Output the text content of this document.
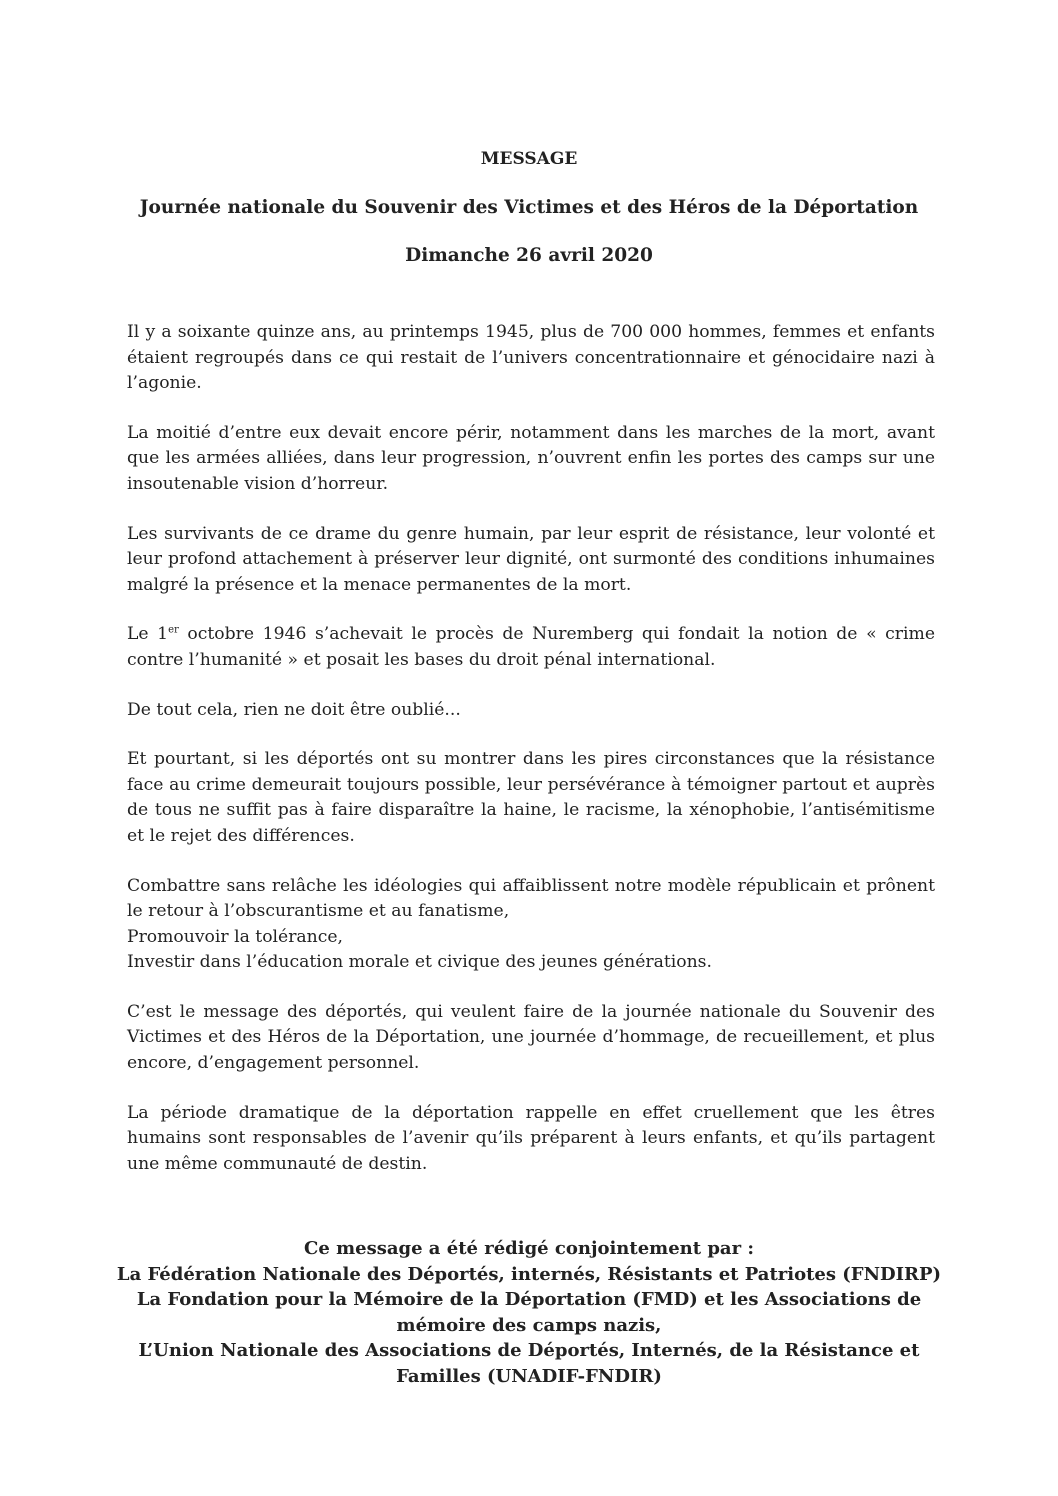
MESSAGE
Journée nationale du Souvenir des Victimes et des Héros de la Déportation
Dimanche 26 avril 2020

Il y a soixante quinze ans, au printemps 1945, plus de 700 000 hommes, femmes et enfants étaient regroupés dans ce qui restait de l’univers concentrationnaire et génocidaire nazi à l’agonie.

La moitié d’entre eux devait encore périr, notamment dans les marches de la mort, avant que les armées alliées, dans leur progression, n’ouvrent enfin les portes des camps sur une insoutenable vision d’horreur.

Les survivants de ce drame du genre humain, par leur esprit de résistance, leur volonté et leur profond attachement à préserver leur dignité, ont surmonté des conditions inhumaines malgré la présence et la menace permanentes de la mort.

Le 1er octobre 1946 s’achevait le procès de Nuremberg qui fondait la notion de « crime contre l’humanité » et posait les bases du droit pénal international.

De tout cela, rien ne doit être oublié...

Et pourtant, si les déportés ont su montrer dans les pires circonstances que la résistance face au crime demeurait toujours possible, leur persévérance à témoigner partout et auprès de tous ne suffit pas à faire disparaître la haine, le racisme, la xénophobie, l’antisémitisme et le rejet des différences.

Combattre sans relâche les idéologies qui affaiblissent notre modèle républicain et prônent le retour à l’obscurantisme et au fanatisme,
Promouvoir la tolérance,
Investir dans l’éducation morale et civique des jeunes générations.

C’est le message des déportés, qui veulent faire de la journée nationale du Souvenir des Victimes et des Héros de la Déportation, une journée d’hommage, de recueillement, et plus encore, d’engagement personnel.

La période dramatique de la déportation rappelle en effet cruellement que les êtres humains sont responsables de l’avenir qu’ils préparent à leurs enfants, et qu’ils partagent une même communauté de destin.

Ce message a été rédigé conjointement par :
La Fédération Nationale des Déportés, internés, Résistants et Patriotes (FNDIRP)
La Fondation pour la Mémoire de la Déportation (FMD) et les Associations de
mémoire des camps nazis,
L’Union Nationale des Associations de Déportés, Internés, de la Résistance et
Familles (UNADIF-FNDIR)
